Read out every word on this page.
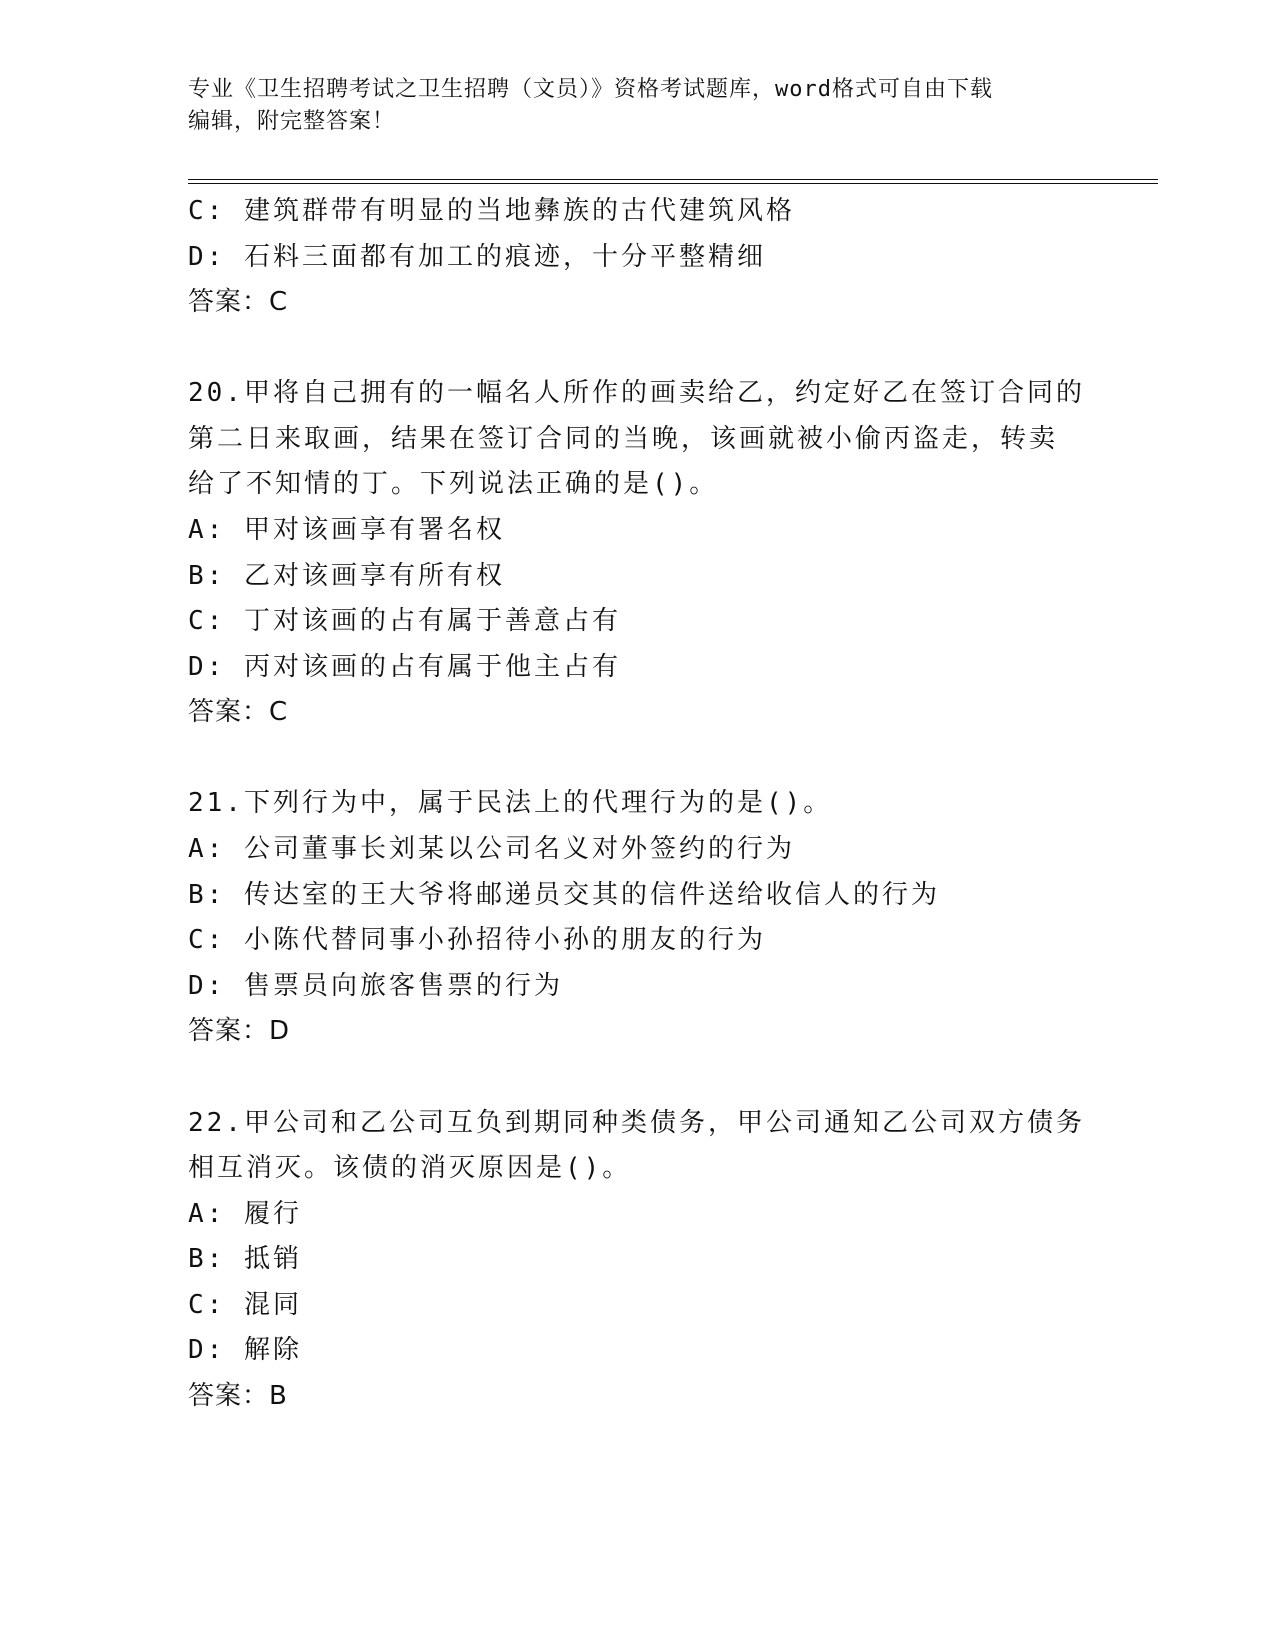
专业《卫生招聘考试之卫生招聘（文员）》资格考试题库，word格式可自由下载
编辑，附完整答案！
C: 建筑群带有明显的当地彝族的古代建筑风格
D: 石料三面都有加工的痕迹，十分平整精细
答案：C
20.甲将自己拥有的一幅名人所作的画卖给乙，约定好乙在签订合同的
第二日来取画，结果在签订合同的当晚，该画就被小偷丙盗走，转卖
给了不知情的丁。下列说法正确的是()。
A: 甲对该画享有署名权
B: 乙对该画享有所有权
C: 丁对该画的占有属于善意占有
D: 丙对该画的占有属于他主占有
答案：C
21.下列行为中，属于民法上的代理行为的是()。
A: 公司董事长刘某以公司名义对外签约的行为
B: 传达室的王大爷将邮递员交其的信件送给收信人的行为
C: 小陈代替同事小孙招待小孙的朋友的行为
D: 售票员向旅客售票的行为
答案：D
22.甲公司和乙公司互负到期同种类债务，甲公司通知乙公司双方债务
相互消灭。该债的消灭原因是()。
A: 履行
B: 抵销
C: 混同
D: 解除
答案：B
